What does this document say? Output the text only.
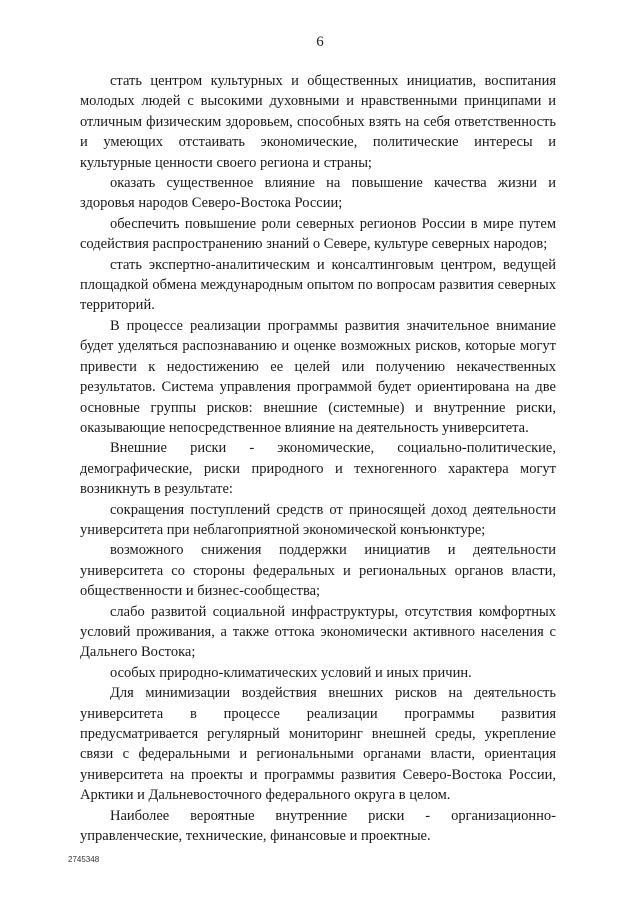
6

стать центром культурных и общественных инициатив, воспитания молодых людей с высокими духовными и нравственными принципами и отличным физическим здоровьем, способных взять на себя ответственность и умеющих отстаивать экономические, политические интересы и культурные ценности своего региона и страны;

оказать существенное влияние на повышение качества жизни и здоровья народов Северо-Востока России;

обеспечить повышение роли северных регионов России в мире путем содействия распространению знаний о Севере, культуре северных народов;

стать экспертно-аналитическим и консалтинговым центром, ведущей площадкой обмена международным опытом по вопросам развития северных территорий.

В процессе реализации программы развития значительное внимание будет уделяться распознаванию и оценке возможных рисков, которые могут привести к недостижению ее целей или получению некачественных результатов. Система управления программой будет ориентирована на две основные группы рисков: внешние (системные) и внутренние риски, оказывающие непосредственное влияние на деятельность университета.

Внешние риски - экономические, социально-политические, демографические, риски природного и техногенного характера могут возникнуть в результате:

сокращения поступлений средств от приносящей доход деятельности университета при неблагоприятной экономической конъюнктуре;

возможного снижения поддержки инициатив и деятельности университета со стороны федеральных и региональных органов власти, общественности и бизнес-сообщества;

слабо развитой социальной инфраструктуры, отсутствия комфортных условий проживания, а также оттока экономически активного населения с Дальнего Востока;

особых природно-климатических условий и иных причин.

Для минимизации воздействия внешних рисков на деятельность университета в процессе реализации программы развития предусматривается регулярный мониторинг внешней среды, укрепление связи с федеральными и региональными органами власти, ориентация университета на проекты и программы развития Северо-Востока России, Арктики и Дальневосточного федерального округа в целом.

Наиболее вероятные внутренние риски - организационно-управленческие, технические, финансовые и проектные.

2745348
